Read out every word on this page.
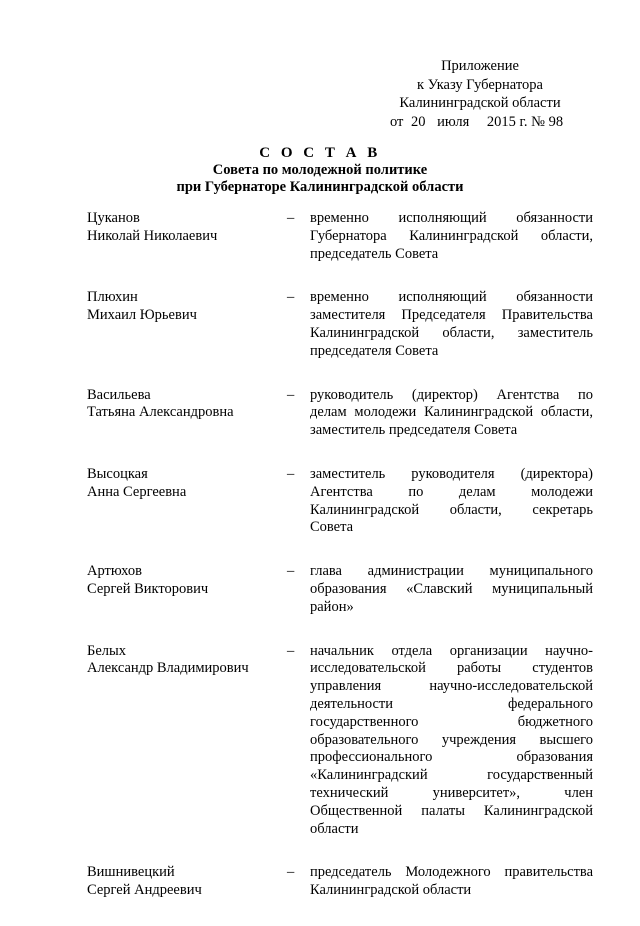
Приложение
к Указу Губернатора
Калининградской области
от 20 июля 2015 г. № 98
С О С Т А В
Совета по молодежной политике
при Губернаторе Калининградской области
Цуканов
Николай Николаевич
– временно исполняющий обязанности
Губернатора Калининградской области,
председатель Совета
Плюхин
Михаил Юрьевич
– временно исполняющий обязанности
заместителя Председателя Правительства
Калининградской области, заместитель
председателя Совета
Васильева
Татьяна Александровна
– руководитель (директор) Агентства по
делам молодежи Калининградской области,
заместитель председателя Совета
Высоцкая
Анна Сергеевна
– заместитель руководителя (директора)
Агентства по делам молодежи
Калининградской области, секретарь
Совета
Артюхов
Сергей Викторович
– глава администрации муниципального
образования «Славский муниципальный
район»
Белых
Александр Владимирович
– начальник отдела организации научно-
исследовательской работы студентов
управления научно-исследовательской
деятельности федерального
государственного бюджетного
образовательного учреждения высшего
профессионального образования
«Калининградский государственный
технический университет», член
Общественной палаты Калининградской
области
Вишнивецкий
Сергей Андреевич
– председатель Молодежного правительства
Калининградской области
